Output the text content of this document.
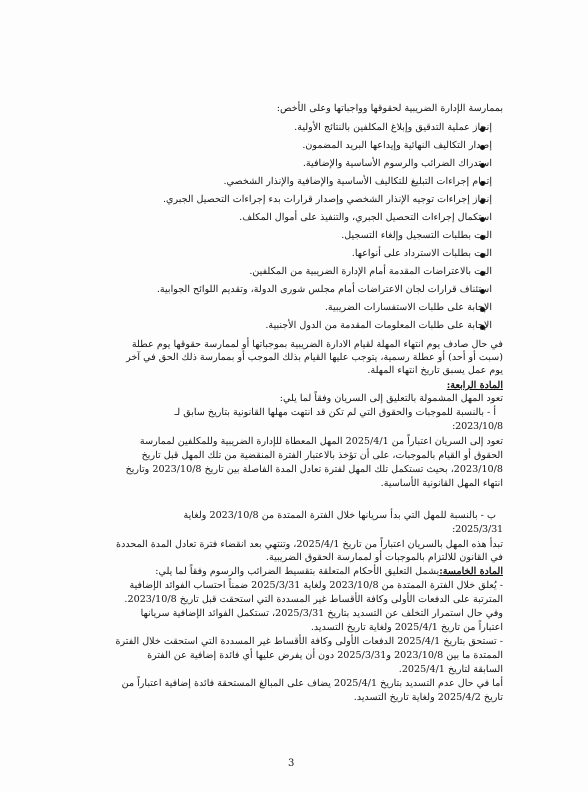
بممارسة الإدارة الضريبية لحقوقها وواجباتها وعلى الأخص:
إنجاز عملية التدقيق وإبلاغ المكلفين بالنتائج الأولية.
إصدار التكاليف النهائية وإيداعها البريد المضمون.
استدراك الضرائب والرسوم الأساسية والإضافية.
إتمام إجراءات التبليغ للتكاليف الأساسية والإضافية والإنذار الشخصي.
إنجاز إجراءات توجيه الإنذار الشخصي وإصدار قرارات بدء إجراءات التحصيل الجبري.
استكمال إجراءات التحصيل الجبري، والتنفيذ على أموال المكلف.
البت بطلبات التسجيل وإلغاء التسجيل.
البت بطلبات الاسترداد على أنواعها.
البت بالاعتراضات المقدمة أمام الإدارة الضريبية من المكلفين.
استئناف قرارات لجان الاعتراضات أمام مجلس شورى الدولة، وتقديم اللوائح الجوابية.
الإجابة على طلبات الاستفسارات الضريبية.
الإجابة على طلبات المعلومات المقدمة من الدول الأجنبية.
في حال صادف يوم انتهاء المهلة لقيام الادارة الضريبية بموجباتها أو لممارسة حقوقها يوم عطلة
(سبت أو أحد) أو عطلة رسمية، يتوجب عليها القيام بذلك الموجب أو بممارسة ذلك الحق في آخر
يوم عمل يسبق تاريخ انتهاء المهلة.
المادة الرابعة:
تعود المهل المشمولة بالتعليق إلى السريان وفقاً لما يلي:
أ - بالنسبة للموجبات والحقوق التي لم تكن قد انتهت مهلها القانونية بتاريخ سابق لـ
2023/10/8:
تعود إلى السريان اعتباراً من 2025/4/1 المهل المعطاة للإدارة الضريبية وللمكلفين لممارسة
الحقوق أو القيام بالموجبات، على أن تؤخذ بالاعتبار الفترة المنقضية من تلك المهل قبل تاريخ
2023/10/8، بحيث تستكمل تلك المهل لفترة تعادل المدة الفاصلة بين تاريخ 2023/10/8 وتاريخ
انتهاء المهل القانونية الأساسية.
ب - بالنسبة للمهل التي بدأ سريانها خلال الفترة الممتدة من 2023/10/8 ولغاية
2025/3/31:
تبدأ هذه المهل بالسريان اعتباراً من تاريخ 2025/4/1، وتنتهي بعد انقضاء فترة تعادل المدة المحددة
في القانون للالتزام بالموجبات أو لممارسة الحقوق الضريبية.
المادة الخامسة:يشمل التعليق الأحكام المتعلقة بتقسيط الضرائب والرسوم وفقاً لما يلي:
- يُعلق خلال الفترة الممتدة من 2023/10/8 ولغاية 2025/3/31 ضمناً احتساب الفوائد الإضافية
المترتبة على الدفعات الأولى وكافة الأقساط غير المسددة التي استحقت قبل تاريخ 2023/10/8.
وفي حال استمرار التخلف عن التسديد بتاريخ 2025/3/31، تستكمل الفوائد الإضافية سريانها
اعتباراً من تاريخ 2025/4/1 ولغاية تاريخ التسديد.
- تستحق بتاريخ 2025/4/1 الدفعات الأولى وكافة الأقساط غير المسددة التي استحقت خلال الفترة
الممتدة ما بين 2023/10/8 و2025/3/31 دون أن يفرض عليها أي فائدة إضافية عن الفترة
السابقة لتاريخ 2025/4/1.
أما في حال عدم التسديد بتاريخ 2025/4/1 يضاف على المبالغ المستحقة فائدة إضافية اعتباراً من
تاريخ 2025/4/2 ولغاية تاريخ التسديد.
3
